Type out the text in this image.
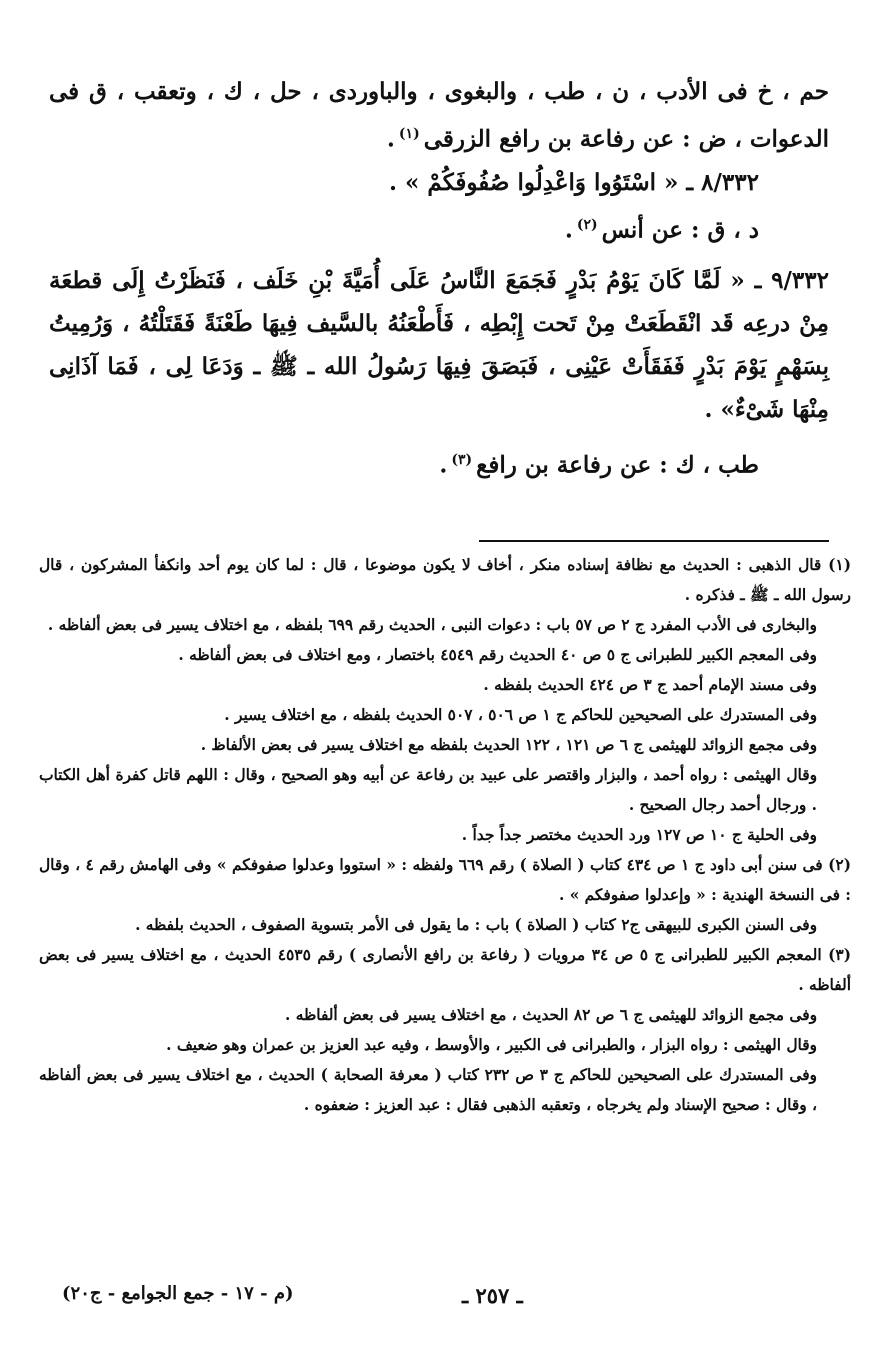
حم ، خ فى الأدب ، ن ، طب ، والبغوى ، والباوردى ، حل ، ك ، وتعقب ، ق فى الدعوات ، ض : عن رفاعة بن رافع الزرقى$^{(١)}$.

٨/٣٣٢ ـ « اسْتَوُوا وَاعْدِلُوا صُفُوفَكُمْ » .

د ، ق : عن أنس$^{(٢)}$.

٩/٣٣٢ ـ « لَمَّا كَانَ يَوْمُ بَدْرٍ فَجَمَعَ النَّاسُ عَلَى أُمَيَّةَ بْنِ خَلَف ، فَنَظَرْتُ إِلَى قطعَة مِنْ درعِه قَد انْقَطَعَتْ مِنْ تَحت إِبْطِه ، فَأَطْعَنُهُ بالسَّيف فِيهَا طَعْنَةً فَقَتَلْتُهُ ، وَرُمِيتُ بِسَهْمٍ يَوْمَ بَدْرٍ فَفَقَأَتْ عَيْنِى ، فَبَصَقَ فِيهَا رَسُولُ الله ـ ﷺ ـ وَدَعَا لِى ، فَمَا آذَانِى مِنْهَا شَىْءٌ» .

طب ، ك : عن رفاعة بن رافع$^{(٣)}$.

(١) قال الذهبى : الحديث مع نظافة إسناده منكر ، أخاف لا يكون موضوعا ، قال : لما كان يوم أحد وانكفأ المشركون ، قال رسول الله ـ ﷺ ـ فذكره .

والبخارى فى الأدب المفرد ج ٢ ص ٥٧ باب : دعوات النبى ، الحديث رقم ٦٩٩ بلفظه ، مع اختلاف يسير فى بعض ألفاظه .

وفى المعجم الكبير للطبرانى ج ٥ ص ٤٠ الحديث رقم ٤٥٤٩ باختصار ، ومع اختلاف فى بعض ألفاظه .

وفى مسند الإمام أحمد ج ٣ ص ٤٢٤ الحديث بلفظه .

وفى المستدرك على الصحيحين للحاكم ج ١ ص ٥٠٦ ، ٥٠٧ الحديث بلفظه ، مع اختلاف يسير .

وفى مجمع الزوائد للهيثمى ج ٦ ص ١٢١ ، ١٢٢ الحديث بلفظه مع اختلاف يسير فى بعض الألفاظ .

وقال الهيثمى : رواه أحمد ، والبزار واقتصر على عبيد بن رفاعة عن أبيه وهو الصحيح ، وقال : اللهم قاتل كفرة أهل الكتاب . ورجال أحمد رجال الصحيح .

وفى الحلية ج ١٠ ص ١٢٧ ورد الحديث مختصر جداً جداً .

(٢) فى سنن أبى داود ج ١ ص ٤٣٤ كتاب ( الصلاة ) رقم ٦٦٩ ولفظه : « استووا وعدلوا صفوفكم » وفى الهامش رقم ٤ ، وقال : فى النسخة الهندية : « وإعدلوا صفوفكم » .

وفى السنن الكبرى للبيهقى ج٢ كتاب ( الصلاة ) باب : ما يقول فى الأمر بتسوية الصفوف ، الحديث بلفظه .

(٣) المعجم الكبير للطبرانى ج ٥ ص ٣٤ مرويات ( رفاعة بن رافع الأنصارى ) رقم ٤٥٣٥ الحديث ، مع اختلاف يسير فى بعض ألفاظه .

وفى مجمع الزوائد للهيثمى ج ٦ ص ٨٢ الحديث ، مع اختلاف يسير فى بعض ألفاظه .

وقال الهيثمى : رواه البزار ، والطبرانى فى الكبير ، والأوسط ، وفيه عبد العزيز بن عمران وهو ضعيف .

وفى المستدرك على الصحيحين للحاكم ج ٣ ص ٢٣٢ كتاب ( معرفة الصحابة ) الحديث ، مع اختلاف يسير فى بعض ألفاظه ، وقال : صحيح الإسناد ولم يخرجاه ، وتعقبه الذهبى فقال : عبد العزيز : ضعفوه .

ـ ٢٥٧ ـ
(م - ١٧ - جمع الجوامع - ج٢٠)
